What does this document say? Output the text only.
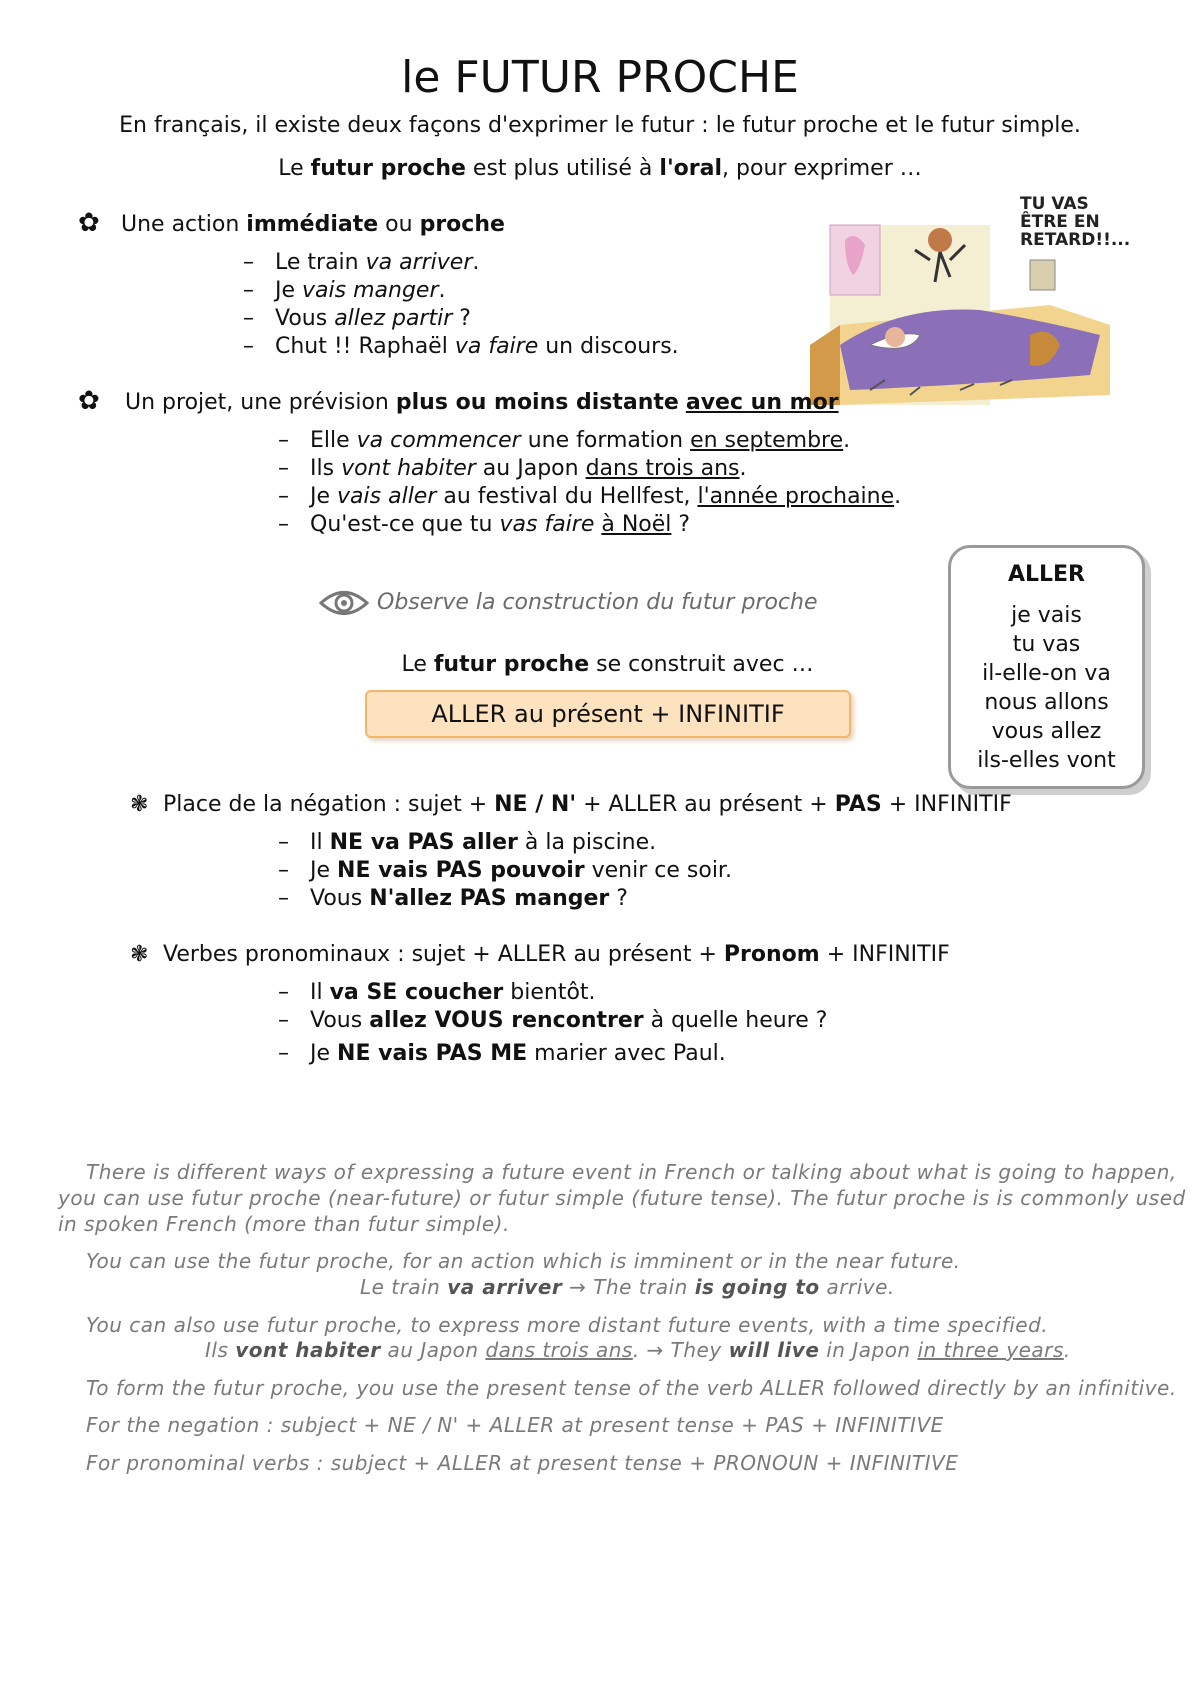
le FUTUR PROCHE
En français, il existe deux façons d'exprimer le futur : le futur proche et le futur simple.
Le futur proche est plus utilisé à l'oral, pour exprimer …
✿ Une action immédiate ou proche
– Le train va arriver.
– Je vais manger.
– Vous allez partir ?
– Chut !! Raphaël va faire un discours.
TU VAS ÊTRE EN RETARD!!...
✿ Un projet, une prévision plus ou moins distante avec un mor
– Elle va commencer une formation en septembre.
– Ils vont habiter au Japon dans trois ans.
– Je vais aller au festival du Hellfest, l'année prochaine.
– Qu'est-ce que tu vas faire à Noël ?
Observe la construction du futur proche
Le futur proche se construit avec …
ALLER au présent + INFINITIF
ALLER
je vais
tu vas
il-elle-on va
nous allons
vous allez
ils-elles vont
❃ Place de la négation : sujet + NE / N' + ALLER au présent + PAS + INFINITIF
– Il NE va PAS aller à la piscine.
– Je NE vais PAS pouvoir venir ce soir.
– Vous N'allez PAS manger ?
❃ Verbes pronominaux : sujet + ALLER au présent + Pronom + INFINITIF
– Il va SE coucher bientôt.
– Vous allez VOUS rencontrer à quelle heure ?
– Je NE vais PAS ME marier avec Paul.
There is different ways of expressing a future event in French or talking about what is going to happen,
you can use futur proche (near-future) or futur simple (future tense). The futur proche is is commonly used
in spoken French (more than futur simple).
You can use the futur proche, for an action which is imminent or in the near future.
Le train va arriver → The train is going to arrive.
You can also use futur proche, to express more distant future events, with a time specified.
Ils vont habiter au Japon dans trois ans. → They will live in Japon in three years.
To form the futur proche, you use the present tense of the verb ALLER followed directly by an infinitive.
For the negation : subject + NE / N' + ALLER at present tense + PAS + INFINITIVE
For pronominal verbs : subject + ALLER at present tense + PRONOUN + INFINITIVE
